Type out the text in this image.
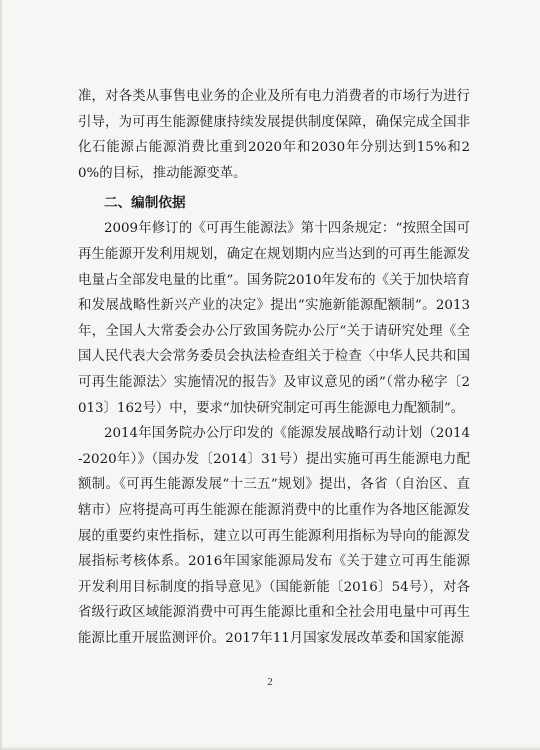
准，对各类从事售电业务的企业及所有电力消费者的市场行为进行引导，为可再生能源健康持续发展提供制度保障，确保完成全国非化石能源占能源消费比重到2020年和2030年分别达到15%和20%的目标，推动能源变革。

二、编制依据

2009年修订的《可再生能源法》第十四条规定：“按照全国可再生能源开发利用规划，确定在规划期内应当达到的可再生能源发电量占全部发电量的比重”。国务院2010年发布的《关于加快培育和发展战略性新兴产业的决定》提出“实施新能源配额制”。2013年，全国人大常委会办公厅致国务院办公厅“关于请研究处理《全国人民代表大会常务委员会执法检查组关于检查〈中华人民共和国可再生能源法〉实施情况的报告》及审议意见的函”（常办秘字〔2013〕162号）中，要求“加快研究制定可再生能源电力配额制”。

2014年国务院办公厅印发的《能源发展战略行动计划（2014-2020年）》（国办发〔2014〕31号）提出实施可再生能源电力配额制。《可再生能源发展“十三五”规划》提出，各省（自治区、直辖市）应将提高可再生能源在能源消费中的比重作为各地区能源发展的重要约束性指标，建立以可再生能源利用指标为导向的能源发展指标考核体系。2016年国家能源局发布《关于建立可再生能源开发利用目标制度的指导意见》（国能新能〔2016〕54号），对各省级行政区域能源消费中可再生能源比重和全社会用电量中可再生能源比重开展监测评价。2017年11月国家发展改革委和国家能源

2
